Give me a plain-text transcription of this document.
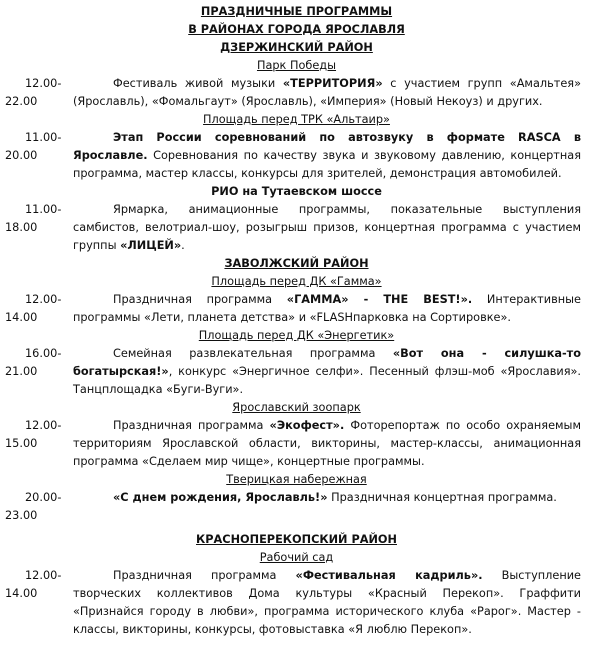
ПРАЗДНИЧНЫЕ ПРОГРАММЫ
В РАЙОНАХ ГОРОДА ЯРОСЛАВЛЯ
ДЗЕРЖИНСКИЙ РАЙОН
Парк Победы
12.00-
22.00

Фестиваль живой музыки «ТЕРРИТОРИЯ» с участием групп «Амальтея» (Ярославль), «Фомальгаут» (Ярославль), «Империя» (Новый Некоуз) и других.

Площадь перед ТРК «Альтаир»
11.00-
20.00

Этап России соревнований по автозвуку в формате RASCA в Ярославле. Соревнования по качеству звука и звуковому давлению, концертная программа, мастер классы, конкурсы для зрителей, демонстрация автомобилей.

РИО на Тутаевском шоссе
11.00-
18.00

Ярмарка, анимационные программы, показательные выступления самбистов, велотриал-шоу, розыгрыш призов, концертная программа с участием группы «ЛИЦЕЙ».

ЗАВОЛЖСКИЙ РАЙОН
Площадь перед ДК «Гамма»
12.00-
14.00

Праздничная программа «ГАММА» - THE BEST!». Интерактивные программы «Лети, планета детства» и «FLASHпарковка на Сортировке».

Площадь перед ДК «Энергетик»
16.00-
21.00

Семейная развлекательная программа «Вот она - силушка-то богатырская!», конкурс «Энергичное селфи». Песенный флэш-моб «Ярославия». Танцплощадка «Буги-Вуги».

Ярославский зоопарк
12.00-
15.00

Праздничная программа «Экофест». Фоторепортаж по особо охраняемым территориям Ярославской области, викторины, мастер-классы, анимационная программа «Сделаем мир чище», концертные программы.

Тверицкая набережная
20.00-
23.00

«С днем рождения, Ярославль!» Праздничная концертная программа.

КРАСНОПЕРЕКОПСКИЙ РАЙОН
Рабочий сад
12.00-
14.00

Праздничная программа «Фестивальная кадриль». Выступление творческих коллективов Дома культуры «Красный Перекоп». Граффити «Признайся городу в любви», программа исторического клуба «Рарог». Мастер - классы, викторины, конкурсы, фотовыставка «Я люблю Перекоп».
